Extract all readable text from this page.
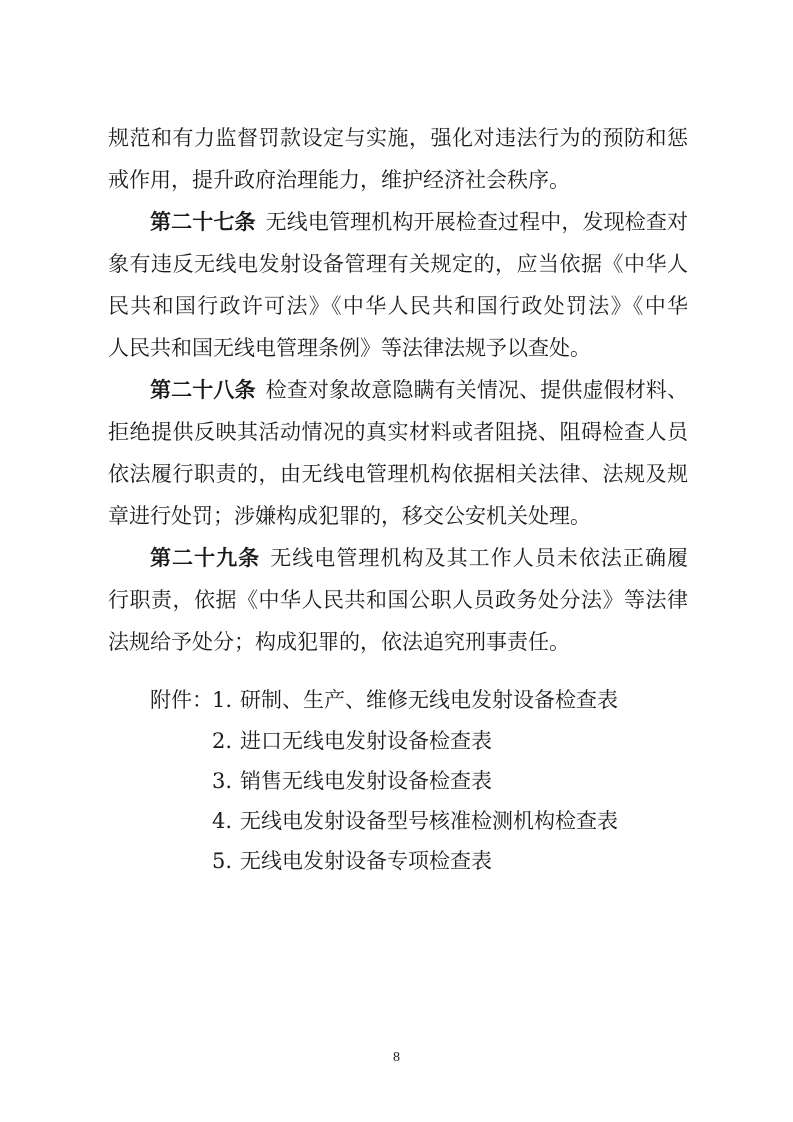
规范和有力监督罚款设定与实施，强化对违法行为的预防和惩
戒作用，提升政府治理能力，维护经济社会秩序。
第二十七条 无线电管理机构开展检查过程中，发现检查对
象有违反无线电发射设备管理有关规定的，应当依据《中华人
民共和国行政许可法》《中华人民共和国行政处罚法》《中华
人民共和国无线电管理条例》等法律法规予以查处。
第二十八条 检查对象故意隐瞒有关情况、提供虚假材料、
拒绝提供反映其活动情况的真实材料或者阻挠、阻碍检查人员
依法履行职责的，由无线电管理机构依据相关法律、法规及规
章进行处罚；涉嫌构成犯罪的，移交公安机关处理。
第二十九条 无线电管理机构及其工作人员未依法正确履
行职责，依据《中华人民共和国公职人员政务处分法》等法律
法规给予处分；构成犯罪的，依法追究刑事责任。
附件： 1. 研制、生产、维修无线电发射设备检查表
2. 进口无线电发射设备检查表
3. 销售无线电发射设备检查表
4. 无线电发射设备型号核准检测机构检查表
5. 无线电发射设备专项检查表
8
